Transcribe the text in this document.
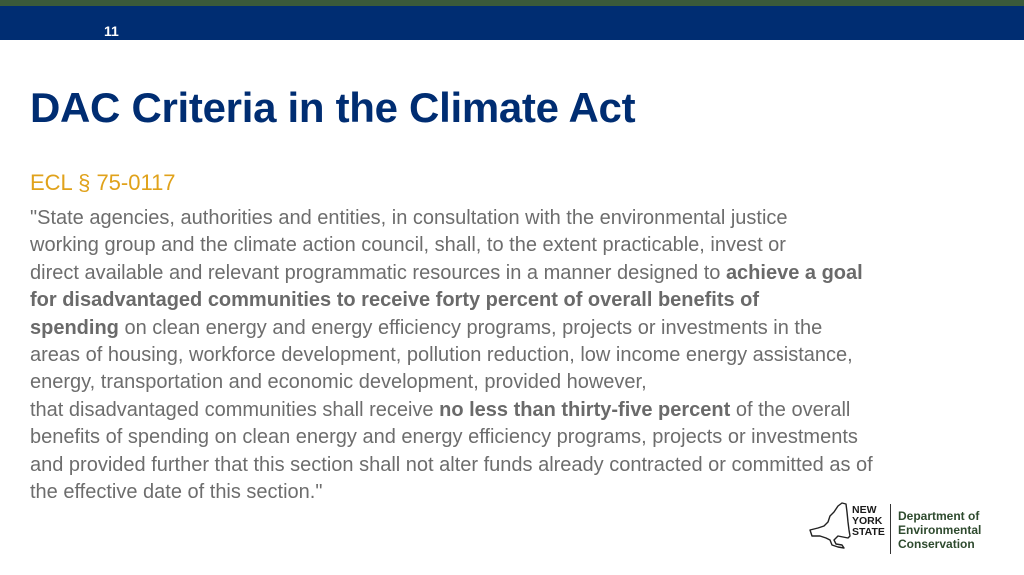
11
DAC Criteria in the Climate Act
ECL § 75-0117
"State agencies, authorities and entities, in consultation with the environmental justice
working group and the climate action council, shall, to the extent practicable, invest or
direct available and relevant programmatic resources in a manner designed to achieve a goal
for disadvantaged communities to receive forty percent of overall benefits of
spending on clean energy and energy efficiency programs, projects or investments in the
areas of housing, workforce development, pollution reduction, low income energy assistance,
energy, transportation and economic development, provided however,
that disadvantaged communities shall receive no less than thirty-five percent of the overall
benefits of spending on clean energy and energy efficiency programs, projects or investments
and provided further that this section shall not alter funds already contracted or committed as of
the effective date of this section."
NEW
YORK
STATE
Department of
Environmental
Conservation
